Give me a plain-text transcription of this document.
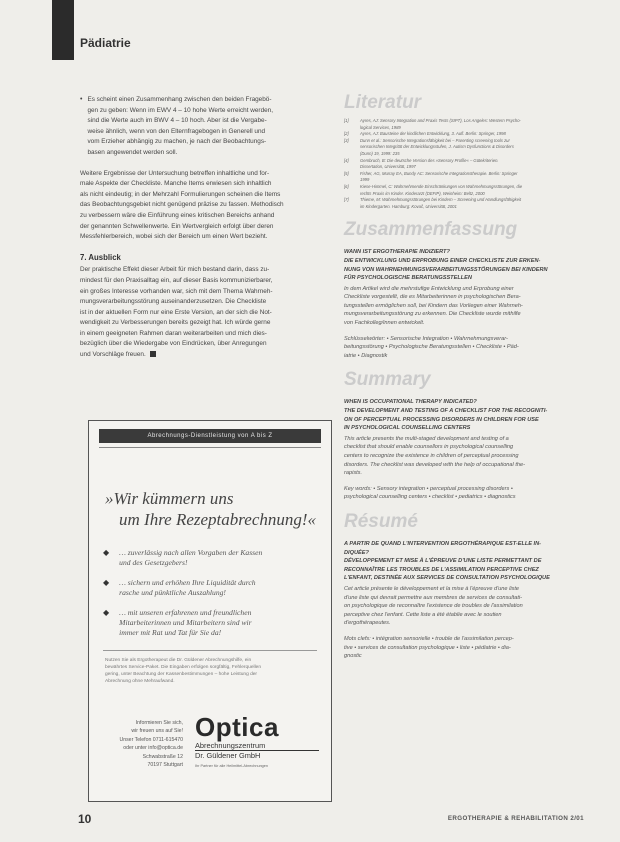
Pädiatrie
• Es scheint einen Zusammenhang zwischen den beiden Fragebö-
gen zu geben: Wenn im EWV 4 – 10 hohe Werte erreicht werden,
sind die Werte auch im BWV 4 – 10 hoch. Aber ist die Vergabe-
weise ähnlich, wenn von den Elternfragebogen in Generell und
vom Erzieher abhängig zu machen, je nach der Beobachtungs-
basen angewendet werden soll.
Weitere Ergebnisse der Untersuchung betreffen inhaltliche und for-
male Aspekte der Checkliste. Manche Items erwiesen sich inhaltlich
als nicht eindeutig; in der Mehrzahl Formulierungen scheinen die Items
das Beobachtungsgebiet nicht genügend präzise zu fassen. Methodisch
zu verbessern wäre die Einführung eines kritischen Bereichs anhand
der genannten Schwellenwerte. Ein Wertvergleich erfolgt über deren
Messfehlerbereich, wobei sich der Bereich um einen Wert bezieht.
7. Ausblick
Der praktische Effekt dieser Arbeit für mich bestand darin, dass zu-
mindest für den Praxisalltag ein, auf dieser Basis kommunizierbarer,
ein großes Interesse vorhanden war, sich mit dem Thema Wahrneh-
mungsverarbeitungsstörung auseinanderzusetzen. Die Checkliste
ist in der aktuellen Form nur eine Erste Version, an der sich die Not-
wendigkeit zu Verbesserungen bereits gezeigt hat. Ich würde gerne
in einem geeigneten Rahmen daran weiterarbeiten und mich dies-
bezüglich über die Wiedergabe von Eindrücken, über Anregungen
und Vorschläge freuen.
Abrechnungs-Dienstleistung von A bis Z
»Wir kümmern uns
um Ihre Rezeptabrechnung!«
◆ … zuverlässig nach allen Vorgaben der Kassen
und des Gesetzgebers!
◆ … sichern und erhöhen Ihre Liquidität durch
rasche und pünktliche Auszahlung!
◆ … mit unseren erfahrenen und freundlichen
Mitarbeiterinnen und Mitarbeitern sind wir
immer mit Rat und Tat für Sie da!
Nutzen Sie als Ergotherapeut die Dr. Güldener Abrechnungshilfe, ein
bewährtes Service-Paket. Die Eingaben erfolgen sorgfältig, Fehlerquellen
gering, unter Beachtung der Kassenbestimmungen – hohe Leistung der
Abrechnung ohne Mehraufwand.
Informieren Sie sich,
wir freuen uns auf Sie!
Unser Telefon 0711-615470
oder unter info@optica.de
Schwabstraße 12
70197 Stuttgart
Optica
Abrechnungszentrum
Dr. Güldener GmbH
Ihr Partner für alle Heilmittel-Abrechnungen
Literatur
[1]	Ayres, AJ: Sensory Integration and Praxis Tests (SIPT), Los Angeles: Western Psycho-
logical Services, 1989
[2]	Ayres, AJ: Bausteine der kindlichen Entwicklung, 3. Aufl. Berlin: Springer, 1998
[3]	Dunn et al.: Sensorische Integrationsfähigkeit bei – Parenting screening tools zur
sensorischen Integrität der Entwicklungsstufen, J. Autism Dysfunctions & Disorders
(Dunn) 19, 1999: 235
[4]	Gembruch, B: Die deutsche Version des »Sensory Profile« – Gütekriterien.
Dissertation, Universität, 1997
[5]	Fisher, AG, Murray EA, Bundy AC: Sensorische Integrationstherapie. Berlin: Springer
1999
[6]	Kiese-Himmel, C: Wahrnehmende Einschränkungen von Wahrnehmungsstörungen, die
rechts Praxis im Kinder. Kinderarzt (DEFIP), Weinheim: Beltz, 2000
[7]	Thieme, M: Wahrnehmungsstörungen bei Kindern – Screening und Handlungsfähigkeit
im Kindergarten. Hamburg: Kovač, Universität, 2001
Zusammenfassung
WANN IST ERGOTHERAPIE INDIZIERT?
DIE ENTWICKLUNG UND ERPROBUNG EINER CHECKLISTE ZUR ERKEN-
NUNG VON WAHRNEHMUNGSVERARBEITUNGSSTÖRUNGEN BEI KINDERN
FÜR PSYCHOLOGISCHE BERATUNGSSTELLEN
In dem Artikel wird die mehrstufige Entwicklung und Erprobung einer
Checkliste vorgestellt, die es Mitarbeiterinnen in psychologischen Bera-
tungsstellen ermöglichen soll, bei Kindern das Vorliegen einer Wahrneh-
mungsverarbeitungsstörung zu erkennen. Die Checkliste wurde mithilfe
von Fachkolleg/innen entwickelt.
Schlüsselwörter: • Sensorische Integration • Wahrnehmungsverar-
beitungsstörung • Psychologische Beratungsstellen • Checkliste • Päd-
iatrie • Diagnostik
Summary
WHEN IS OCCUPATIONAL THERAPY INDICATED?
THE DEVELOPMENT AND TESTING OF A CHECKLIST FOR THE RECOGNITI-
ON OF PERCEPTUAL PROCESSING DISORDERS IN CHILDREN FOR USE
IN PSYCHOLOGICAL COUNSELLING CENTERS
This article presents the multi-staged development and testing of a
checklist that should enable counsellors in psychological counselling
centers to recognize the existence in children of perceptual processing
disorders. The checklist was developed with the help of occupational the-
rapists.
Key words: • Sensory integration • perceptual processing disorders •
psychological counselling centers • checklist • pediatrics • diagnostics
Résumé
A PARTIR DE QUAND L'INTERVENTION ERGOTHÉRAPIQUE EST-ELLE IN-
DIQUÉE?
DÉVELOPPEMENT ET MISE À L'ÉPREUVE D'UNE LISTE PERMETTANT DE
RECONNAÎTRE LES TROUBLES DE L'ASSIMILATION PERCEPTIVE CHEZ
L'ENFANT, DESTINÉE AUX SERVICES DE CONSULTATION PSYCHOLOGIQUE
Cet article présente le développement et la mise à l'épreuve d'une liste
d'une liste qui devrait permettre aux membres de services de consultati-
on psychologique de reconnaître l'existence de troubles de l'assimilation
perceptive chez l'enfant. Cette liste a été établie avec le soutien
d'ergothérapeutes.
Mots clefs: • intégration sensorielle • trouble de l'assimilation percep-
tive • services de consultation psychologique • liste • pédiatrie • dia-
gnostic
10	ERGOTHERAPIE & REHABILITATION 2/01
